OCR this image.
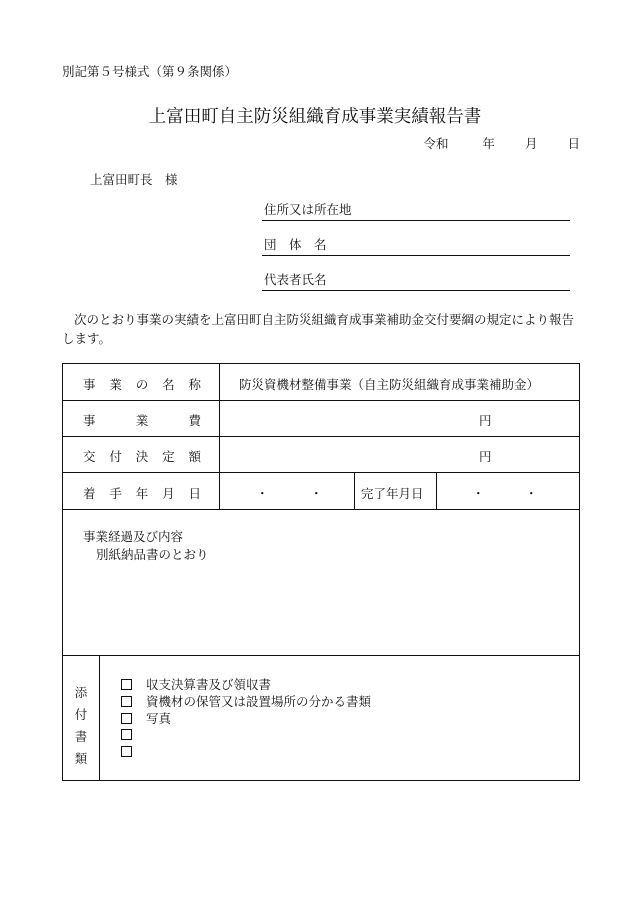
別記第５号様式（第９条関係）
上富田町自主防災組織育成事業実績報告書
令和	年 月 日
上富田町長　様
住所又は所在地
団　体　名
代表者氏名
次のとおり事業の実績を上富田町自主防災組織育成事業補助金交付要綱の規定により報告します。
事 業 の 名 称	防災資機材整備事業（自主防災組織育成事業補助金）
事	業	費	円
交 付 決 定 額	円
着 手 年 月 日	・	・	完了年月日	・	・
事業経過及び内容
別紙納品書のとおり
添
付
書
類
収支決算書及び領収書
資機材の保管又は設置場所の分かる書類
写真
